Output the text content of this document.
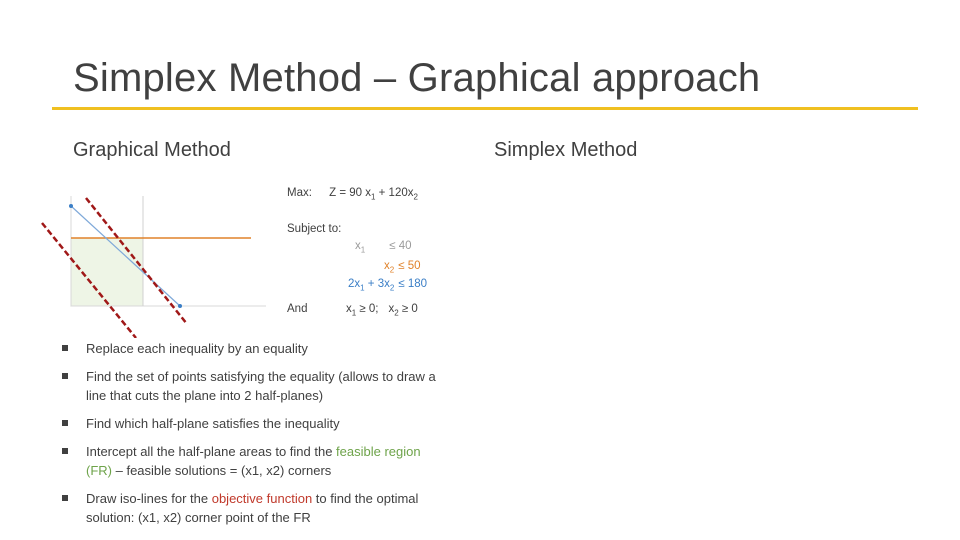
Simplex Method – Graphical approach
Graphical Method	Simplex Method
Max: Z = 90 $x_1 + 120x_2$
Subject to:
$x_1 \le 40$
$x_2 \le 50$
$2x_1 + 3x_2 \le 180$
And	$x_1 \ge 0$; $x_2 \ge 0$
Replace each inequality by an equality
Find the set of points satisfying the equality (allows to draw a line that cuts the plane into 2 half-planes)
Find which half-plane satisfies the inequality
Intercept all the half-plane areas to find the feasible region (FR) – feasible solutions = (x1, x2) corners
Draw iso-lines for the objective function to find the optimal solution: (x1, x2) corner point of the FR
